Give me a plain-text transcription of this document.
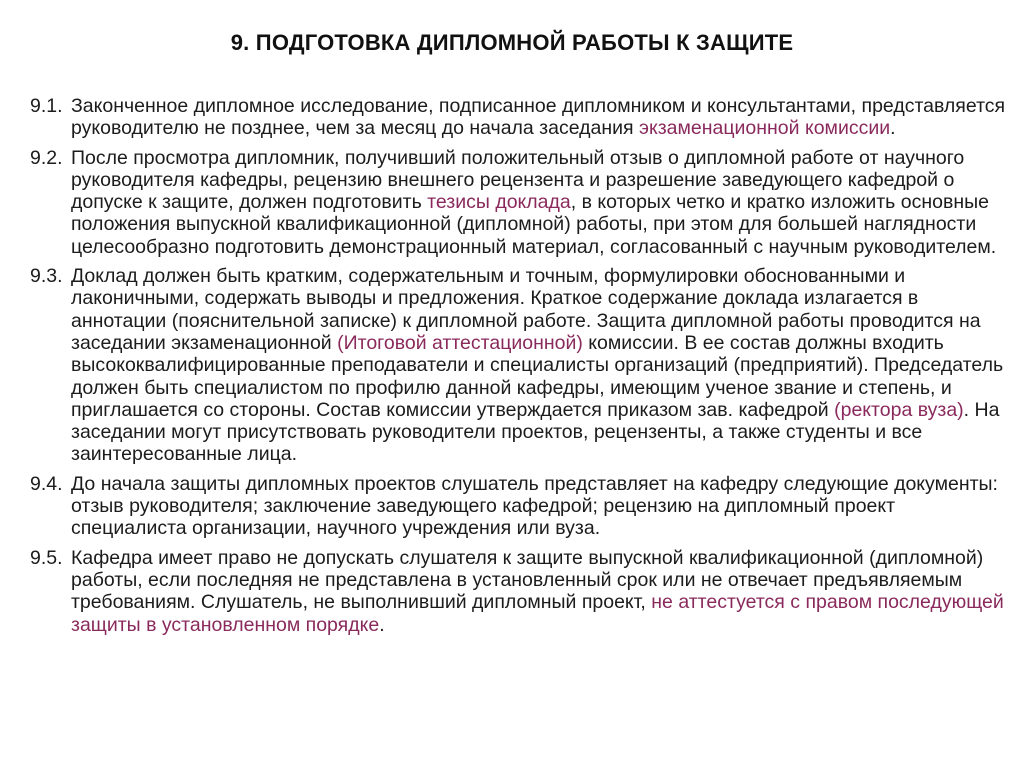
9. ПОДГОТОВКА ДИПЛОМНОЙ РАБОТЫ К ЗАЩИТЕ

9.1. Законченное дипломное исследование, подписанное дипломником и консультантами, представляется руководителю не позднее, чем за месяц до начала заседания экзаменационной комиссии.

9.2. После просмотра дипломник, получивший положительный отзыв о дипломной работе от научного руководителя кафедры, рецензию внешнего рецензента и разрешение заведующего кафедрой о допуске к защите, должен подготовить тезисы доклада, в которых четко и кратко изложить основные положения выпускной квалификационной (дипломной) работы, при этом для большей наглядности целесообразно подготовить демонстрационный материал, согласованный с научным руководителем.

9.3. Доклад должен быть кратким, содержательным и точным, формулировки обоснованными и лаконичными, содержать выводы и предложения. Краткое содержание доклада излагается в аннотации (пояснительной записке) к дипломной работе. Защита дипломной работы проводится на заседании экзаменационной (Итоговой аттестационной) комиссии. В ее состав должны входить высококвалифицированные преподаватели и специалисты организаций (предприятий). Председатель должен быть специалистом по профилю данной кафедры, имеющим ученое звание и степень, и приглашается со стороны. Состав комиссии утверждается приказом зав. кафедрой (ректора вуза). На заседании могут присутствовать руководители проектов, рецензенты, а также студенты и все заинтересованные лица.

9.4. До начала защиты дипломных проектов слушатель представляет на кафедру следующие документы: отзыв руководителя; заключение заведующего кафедрой; рецензию на дипломный проект специалиста организации, научного учреждения или вуза.

9.5. Кафедра имеет право не допускать слушателя к защите выпускной квалификационной (дипломной) работы, если последняя не представлена в установленный срок или не отвечает предъявляемым требованиям. Слушатель, не выполнивший дипломный проект, не аттестуется с правом последующей защиты в установленном порядке.
